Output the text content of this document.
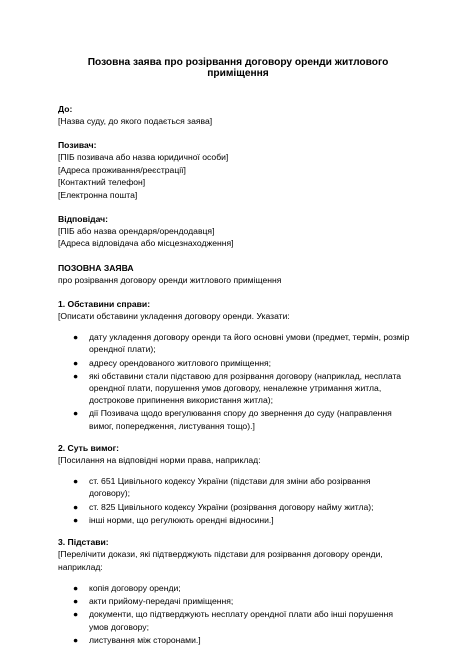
Позовна заява про розірвання договору оренди житлового приміщення
До:
[Назва суду, до якого подається заява]
Позивач:
[ПІБ позивача або назва юридичної особи]
[Адреса проживання/реєстрації]
[Контактний телефон]
[Електронна пошта]
Відповідач:
[ПІБ або назва орендаря/орендодавця]
[Адреса відповідача або місцезнаходження]
ПОЗОВНА ЗАЯВА
про розірвання договору оренди житлового приміщення
1. Обставини справи:
[Описати обставини укладення договору оренди. Указати:
● дату укладення договору оренди та його основні умови (предмет, термін, розмір
орендної плати);
● адресу орендованого житлового приміщення;
● які обставини стали підставою для розірвання договору (наприклад, несплата
орендної плати, порушення умов договору, неналежне утримання житла,
дострокове припинення використання житла);
● дії Позивача щодо врегулювання спору до звернення до суду (направлення
вимог, попередження, листування тощо).]
2. Суть вимог:
[Посилання на відповідні норми права, наприклад:
● ст. 651 Цивільного кодексу України (підстави для зміни або розірвання
договору);
● ст. 825 Цивільного кодексу України (розірвання договору найму житла);
● інші норми, що регулюють орендні відносини.]
3. Підстави:
[Перелічити докази, які підтверджують підстави для розірвання договору оренди,
наприклад:
● копія договору оренди;
● акти прийому-передачі приміщення;
● документи, що підтверджують несплату орендної плати або інші порушення
умов договору;
● листування між сторонами.]
